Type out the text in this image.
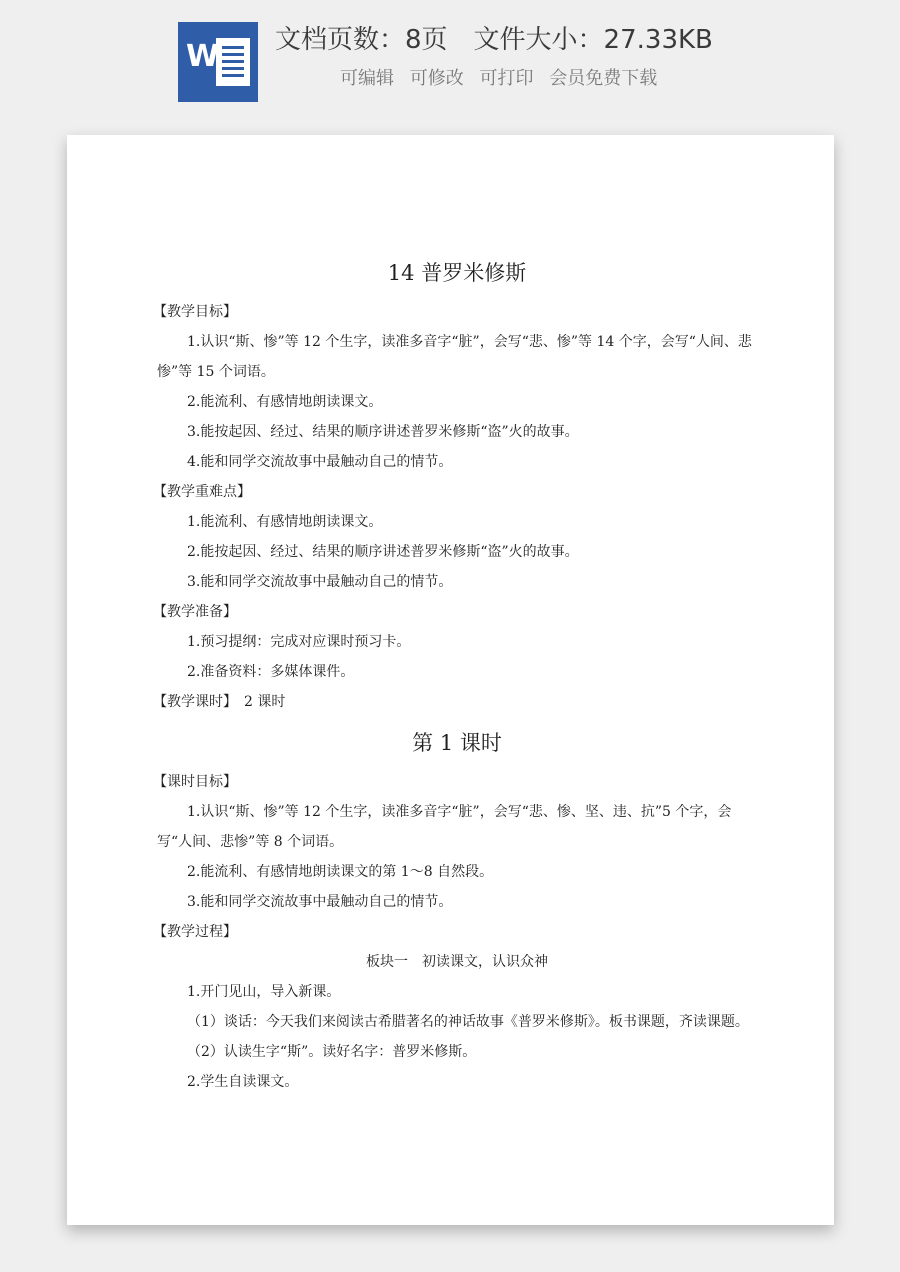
W 文档页数：8页 文件大小：27.33KB
可编辑 可修改 可打印 会员免费下载
14 普罗米修斯
【教学目标】
1.认识“斯、惨”等 12 个生字，读准多音字“脏”，会写“悲、惨”等 14 个字，会写“人间、悲惨”等 15 个词语。
2.能流利、有感情地朗读课文。
3.能按起因、经过、结果的顺序讲述普罗米修斯“盗”火的故事。
4.能和同学交流故事中最触动自己的情节。
【教学重难点】
1.能流利、有感情地朗读课文。
2.能按起因、经过、结果的顺序讲述普罗米修斯“盗”火的故事。
3.能和同学交流故事中最触动自己的情节。
【教学准备】
1.预习提纲：完成对应课时预习卡。
2.准备资料：多媒体课件。
【教学课时】　2 课时
第 1 课时
【课时目标】
1.认识“斯、惨”等 12 个生字，读准多音字“脏”，会写“悲、惨、坚、违、抗”5 个字，会写“人间、悲惨”等 8 个词语。
2.能流利、有感情地朗读课文的第 1～8 自然段。
3.能和同学交流故事中最触动自己的情节。
【教学过程】
板块一　初读课文，认识众神
1.开门见山，导入新课。
（1）谈话：今天我们来阅读古希腊著名的神话故事《普罗米修斯》。板书课题，齐读课题。
（2）认读生字“斯”。读好名字：普罗米修斯。
2.学生自读课文。
